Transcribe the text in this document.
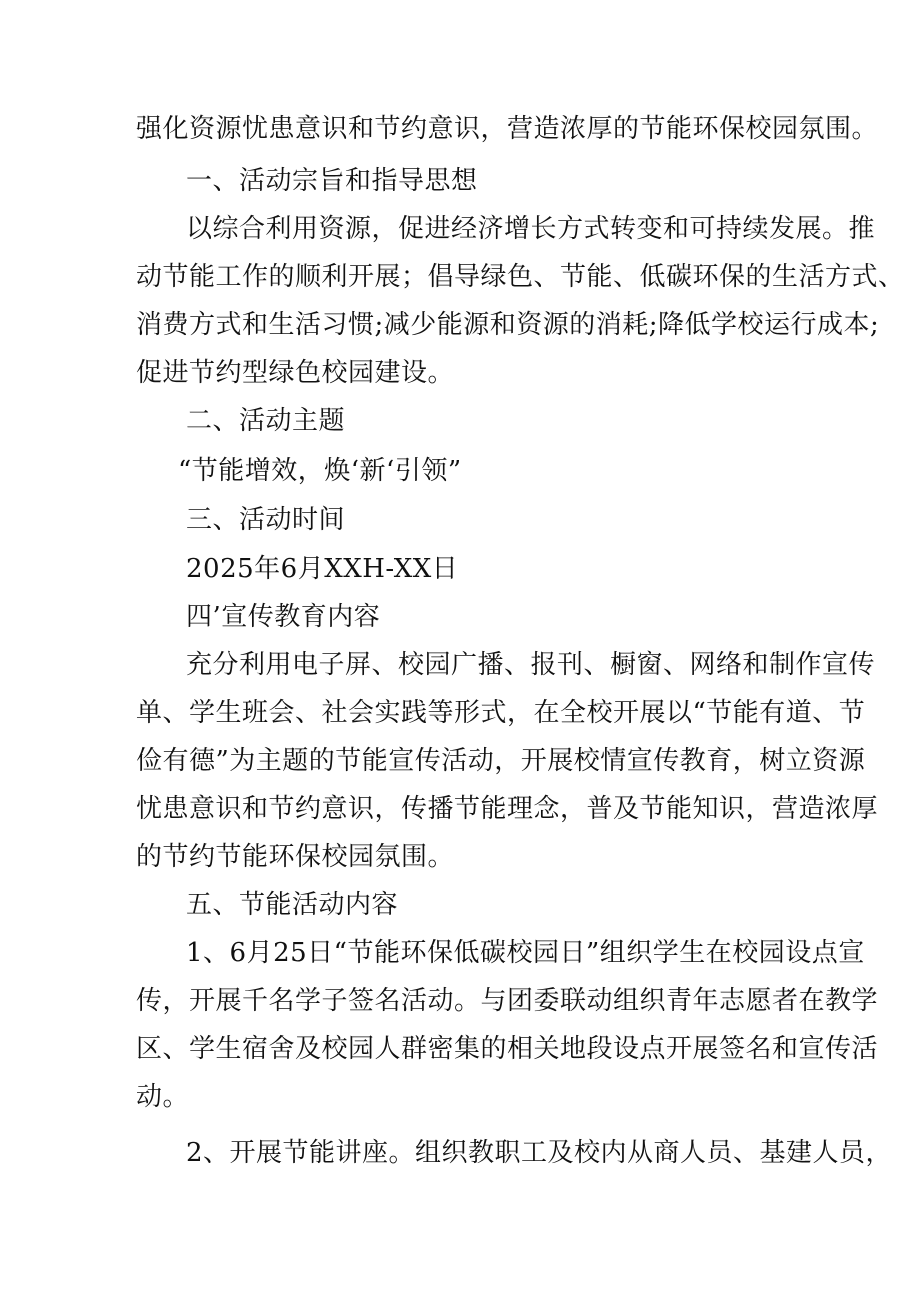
强化资源忧患意识和节约意识，营造浓厚的节能环保校园氛围。
一、活动宗旨和指导思想
以综合利用资源，促进经济增长方式转变和可持续发展。推
动节能工作的顺利开展；倡导绿色、节能、低碳环保的生活方式、
消费方式和生活习惯;减少能源和资源的消耗;降低学校运行成本;
促进节约型绿色校园建设。
二、活动主题
“节能增效，焕‘新‘引领”
三、活动时间
2025年6月XXH-XX日
四’宣传教育内容
充分利用电子屏、校园广播、报刊、橱窗、网络和制作宣传
单、学生班会、社会实践等形式，在全校开展以“节能有道、节
俭有德”为主题的节能宣传活动，开展校情宣传教育，树立资源
忧患意识和节约意识，传播节能理念，普及节能知识，营造浓厚
的节约节能环保校园氛围。
五、节能活动内容
1、6月25日“节能环保低碳校园日”组织学生在校园设点宣
传，开展千名学子签名活动。与团委联动组织青年志愿者在教学
区、学生宿舍及校园人群密集的相关地段设点开展签名和宣传活
动。
2、开展节能讲座。组织教职工及校内从商人员、基建人员，
